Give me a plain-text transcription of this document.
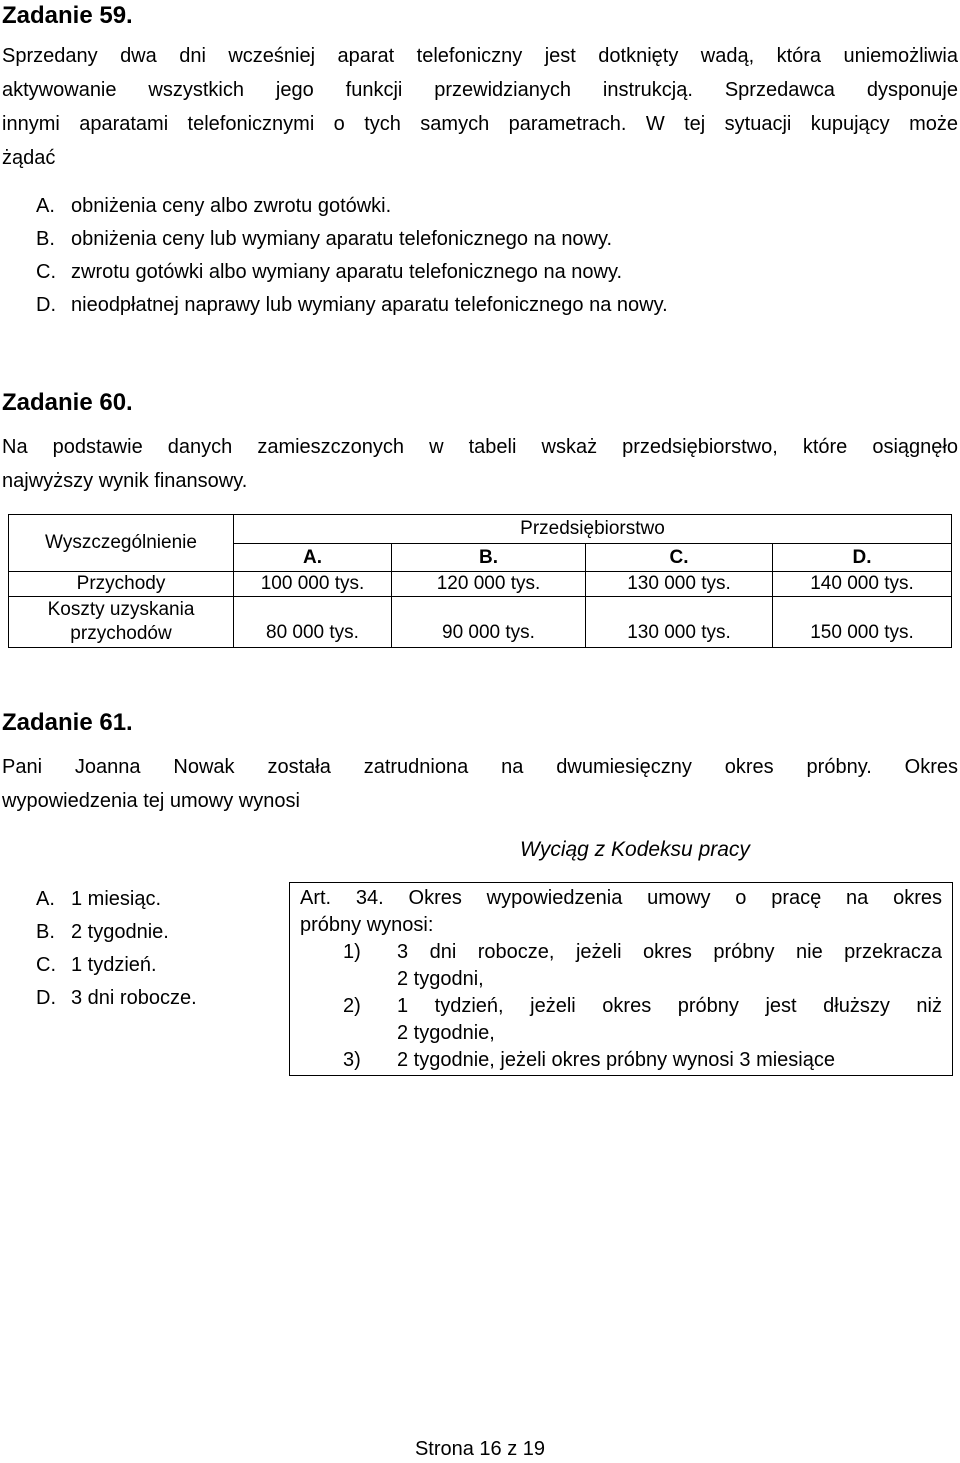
Zadanie 59.
Sprzedany dwa dni wcześniej aparat telefoniczny jest dotknięty wadą, która uniemożliwia
aktywowanie wszystkich jego funkcji przewidzianych instrukcją. Sprzedawca dysponuje
innymi aparatami telefonicznymi o tych samych parametrach. W tej sytuacji kupujący może
żądać
A. obniżenia ceny albo zwrotu gotówki.
B. obniżenia ceny lub wymiany aparatu telefonicznego na nowy.
C. zwrotu gotówki albo wymiany aparatu telefonicznego na nowy.
D. nieodpłatnej naprawy lub wymiany aparatu telefonicznego na nowy.
Zadanie 60.
Na podstawie danych zamieszczonych w tabeli wskaż przedsiębiorstwo, które osiągnęło
najwyższy wynik finansowy.
Wyszczególnienie
Przedsiębiorstwo
A.	B.	C.	D.
Przychody	100 000 tys.	120 000 tys.	130 000 tys.	140 000 tys.
Koszty uzyskania
przychodów	80 000 tys.	90 000 tys.	130 000 tys.	150 000 tys.
Zadanie 61.
Pani Joanna Nowak została zatrudniona na dwumiesięczny okres próbny. Okres
wypowiedzenia tej umowy wynosi
Wyciąg z Kodeksu pracy
A. 1 miesiąc.
B. 2 tygodnie.
C. 1 tydzień.
D. 3 dni robocze.
Art. 34. Okres wypowiedzenia umowy o pracę na okres
próbny wynosi:
1)	3 dni robocze, jeżeli okres próbny nie przekracza
2 tygodni,
2)	1 tydzień, jeżeli okres próbny jest dłuższy niż
2 tygodnie,
3)	2 tygodnie, jeżeli okres próbny wynosi 3 miesiące
Strona 16 z 19
